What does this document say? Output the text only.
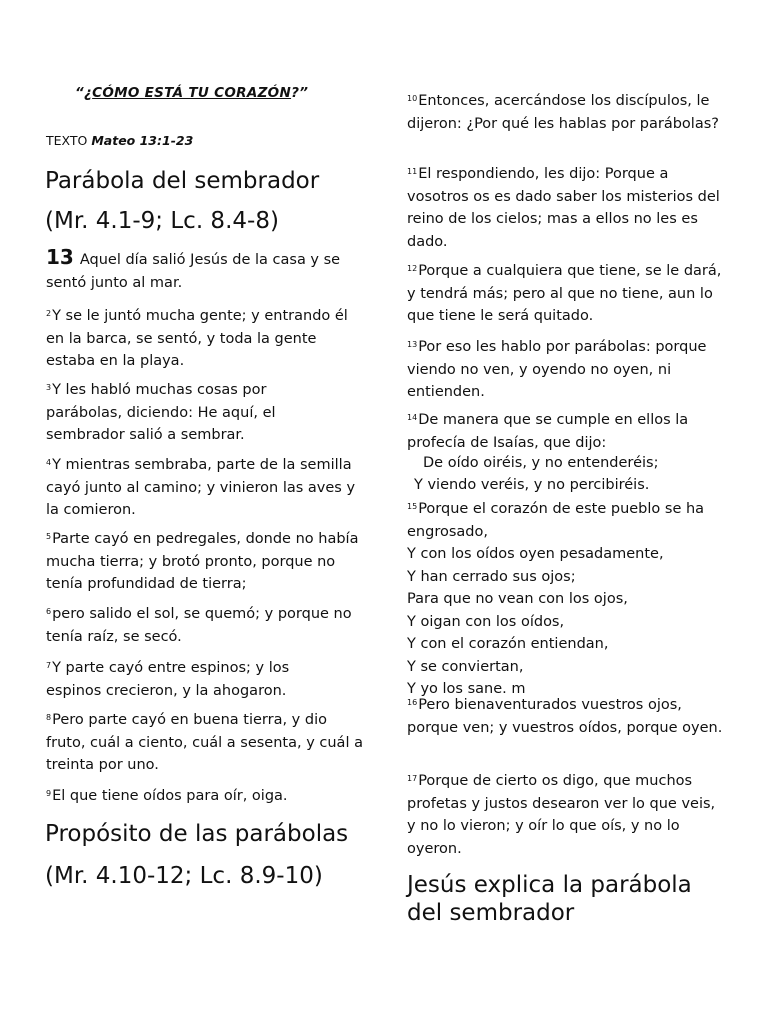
“¿CÓMO ESTÁ TU CORAZÓN?”
TEXTO Mateo 13:1-23
Parábola del sembrador
(Mr. 4.1-9; Lc. 8.4-8)
13 Aquel día salió Jesús de la casa y se sentó junto al mar.
$^2$Y se le juntó mucha gente; y entrando él en la barca, se sentó, y toda la gente estaba en la playa.
$^3$Y les habló muchas cosas por parábolas, diciendo: He aquí, el sembrador salió a sembrar.
$^4$Y mientras sembraba, parte de la semilla cayó junto al camino; y vinieron las aves y la comieron.
$^5$Parte cayó en pedregales, donde no había mucha tierra; y brotó pronto, porque no tenía profundidad de tierra;
$^6$pero salido el sol, se quemó; y porque no tenía raíz, se secó.
$^7$Y parte cayó entre espinos; y los espinos crecieron, y la ahogaron.
$^8$Pero parte cayó en buena tierra, y dio fruto, cuál a ciento, cuál a sesenta, y cuál a treinta por uno.
$^9$El que tiene oídos para oír, oiga.
Propósito de las parábolas
(Mr. 4.10-12; Lc. 8.9-10)
$^{10}$Entonces, acercándose los discípulos, le dijeron: ¿Por qué les hablas por parábolas?
$^{11}$El respondiendo, les dijo: Porque a vosotros os es dado saber los misterios del reino de los cielos; mas a ellos no les es dado.
$^{12}$Porque a cualquiera que tiene, se le dará, y tendrá más; pero al que no tiene, aun lo que tiene le será quitado.
$^{13}$Por eso les hablo por parábolas: porque viendo no ven, y oyendo no oyen, ni entienden.
$^{14}$De manera que se cumple en ellos la profecía de Isaías, que dijo:
De oído oiréis, y no entenderéis;
Y viendo veréis, y no percibiréis.
$^{15}$Porque el corazón de este pueblo se ha
engrosado,
Y con los oídos oyen pesadamente,
Y han cerrado sus ojos;
Para que no vean con los ojos,
Y oigan con los oídos,
Y con el corazón entiendan,
Y se conviertan,
Y yo los sane. m
$^{16}$Pero bienaventurados vuestros ojos, porque ven; y vuestros oídos, porque oyen.
$^{17}$Porque de cierto os digo, que muchos profetas y justos desearon ver lo que veis, y no lo vieron; y oír lo que oís, y no lo oyeron.
Jesús explica la parábola del sembrador
